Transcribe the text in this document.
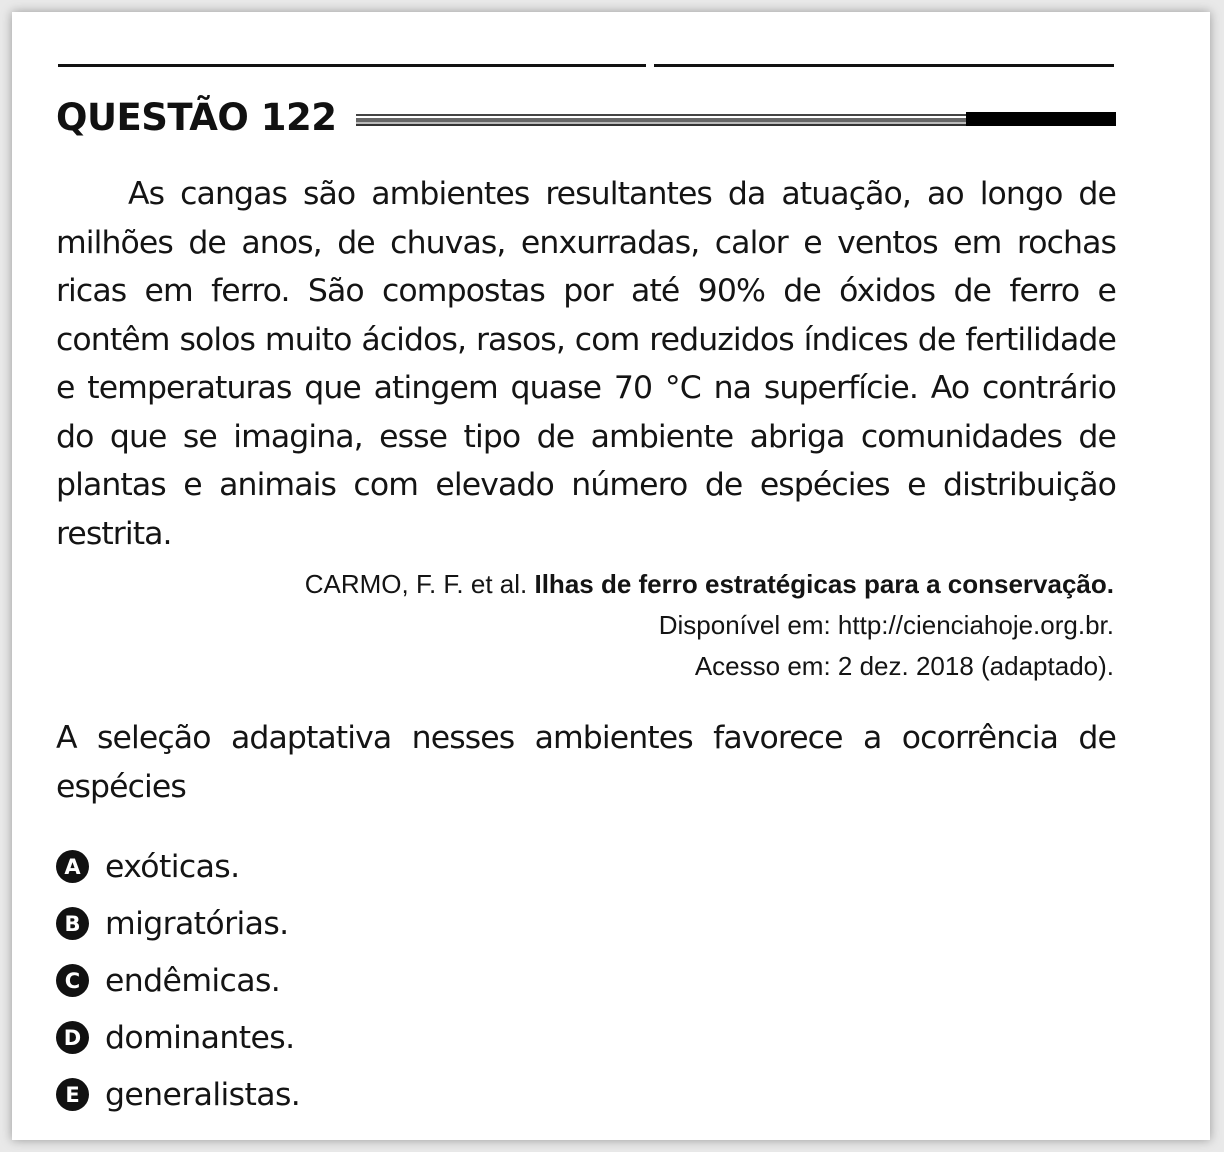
QUESTÃO 122

As cangas são ambientes resultantes da atuação, ao longo de milhões de anos, de chuvas, enxurradas, calor e ventos em rochas ricas em ferro. São compostas por até 90% de óxidos de ferro e contêm solos muito ácidos, rasos, com reduzidos índices de fertilidade e temperaturas que atingem quase 70 °C na superfície. Ao contrário do que se imagina, esse tipo de ambiente abriga comunidades de plantas e animais com elevado número de espécies e distribuição restrita.

CARMO, F. F. et al. Ilhas de ferro estratégicas para a conservação.
Disponível em: http://cienciahoje.org.br.
Acesso em: 2 dez. 2018 (adaptado).

A seleção adaptativa nesses ambientes favorece a ocorrência de espécies

A exóticas.
B migratórias.
C endêmicas.
D dominantes.
E generalistas.
